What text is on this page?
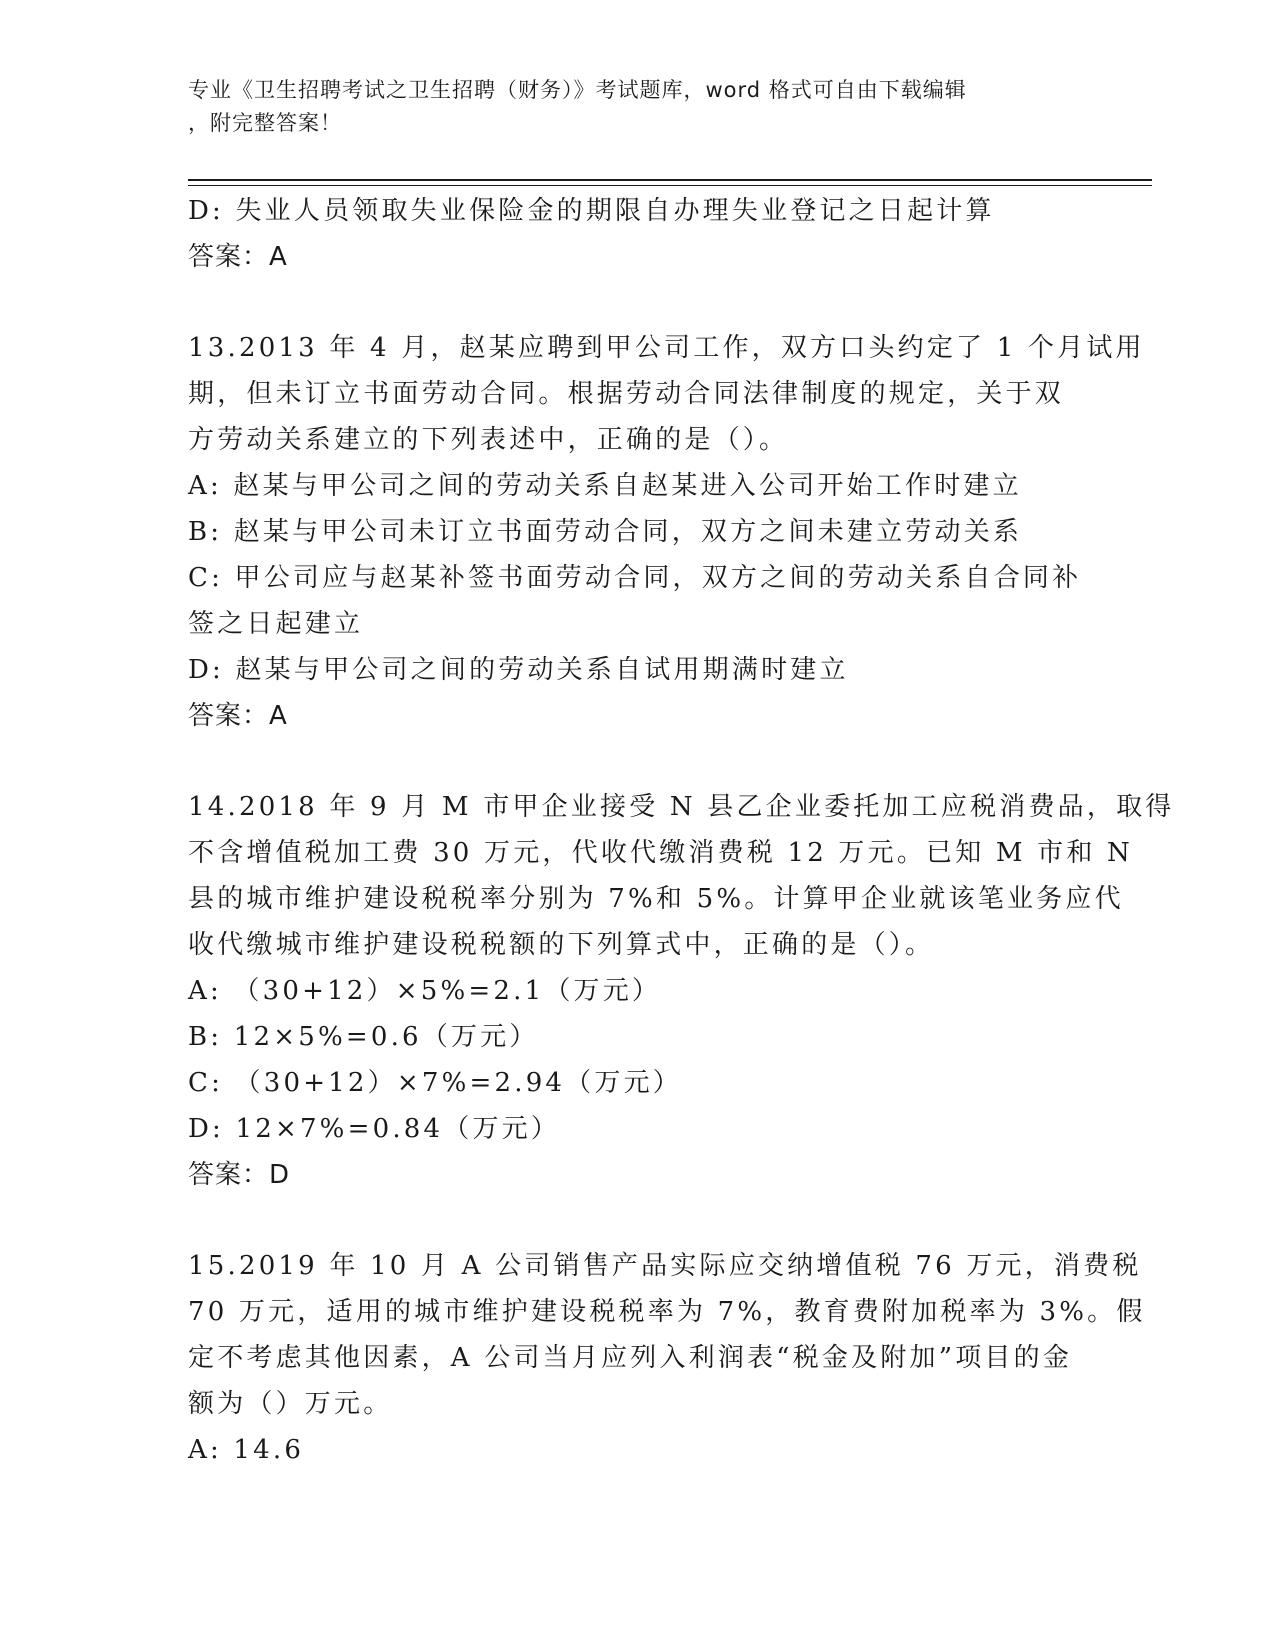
专业《卫生招聘考试之卫生招聘（财务）》考试题库，word 格式可自由下载编辑
，附完整答案！
D: 失业人员领取失业保险金的期限自办理失业登记之日起计算
答案：A
13.2013 年 4 月，赵某应聘到甲公司工作，双方口头约定了 1 个月试用
期，但未订立书面劳动合同。根据劳动合同法律制度的规定，关于双
方劳动关系建立的下列表述中，正确的是（）。
A: 赵某与甲公司之间的劳动关系自赵某进入公司开始工作时建立
B: 赵某与甲公司未订立书面劳动合同，双方之间未建立劳动关系
C: 甲公司应与赵某补签书面劳动合同，双方之间的劳动关系自合同补
签之日起建立
D: 赵某与甲公司之间的劳动关系自试用期满时建立
答案：A
14.2018 年 9 月 M 市甲企业接受 N 县乙企业委托加工应税消费品，取得
不含增值税加工费 30 万元，代收代缴消费税 12 万元。已知 M 市和 N
县的城市维护建设税税率分别为 7%和 5%。计算甲企业就该笔业务应代
收代缴城市维护建设税税额的下列算式中，正确的是（）。
A: （30+12）×5%=2.1（万元）
B: 12×5%=0.6（万元）
C: （30+12）×7%=2.94（万元）
D: 12×7%=0.84（万元）
答案：D
15.2019 年 10 月 A 公司销售产品实际应交纳增值税 76 万元，消费税
70 万元，适用的城市维护建设税税率为 7%，教育费附加税率为 3%。假
定不考虑其他因素，A 公司当月应列入利润表“税金及附加”项目的金
额为（）万元。
A: 14.6
